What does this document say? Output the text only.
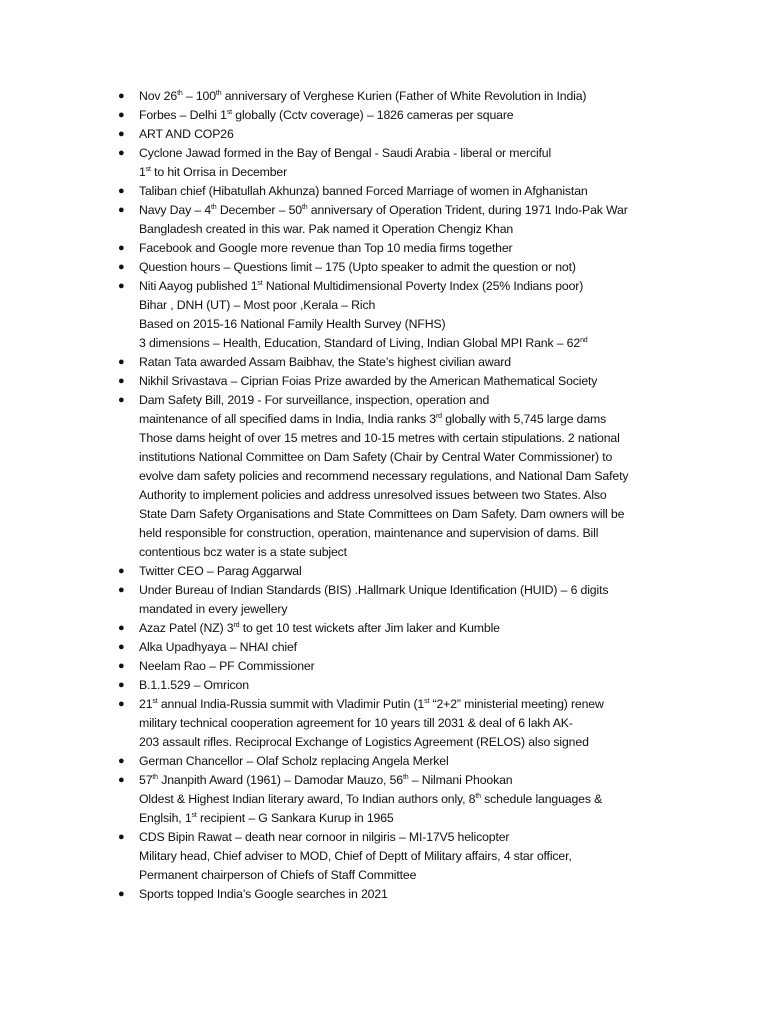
● Nov 26th – 100th anniversary of Verghese Kurien (Father of White Revolution in India)
● Forbes – Delhi 1st globally (Cctv coverage) – 1826 cameras per square
● ART AND COP26
● Cyclone Jawad formed in the Bay of Bengal - Saudi Arabia - liberal or merciful
1st to hit Orrisa in December
● Taliban chief (Hibatullah Akhunza) banned Forced Marriage of women in Afghanistan
● Navy Day – 4th December – 50th anniversary of Operation Trident, during 1971 Indo-Pak War
Bangladesh created in this war. Pak named it Operation Chengiz Khan
● Facebook and Google more revenue than Top 10 media firms together
● Question hours – Questions limit – 175 (Upto speaker to admit the question or not)
● Niti Aayog published 1st National Multidimensional Poverty Index (25% Indians poor)
Bihar , DNH (UT) – Most poor ,Kerala – Rich
Based on 2015-16 National Family Health Survey (NFHS)
3 dimensions – Health, Education, Standard of Living, Indian Global MPI Rank – 62nd
● Ratan Tata awarded Assam Baibhav, the State’s highest civilian award
● Nikhil Srivastava – Ciprian Foias Prize awarded by the American Mathematical Society
● Dam Safety Bill, 2019 - For surveillance, inspection, operation and
maintenance of all specified dams in India, India ranks 3rd globally with 5,745 large dams
Those dams height of over 15 metres and 10-15 metres with certain stipulations. 2 national
institutions National Committee on Dam Safety (Chair by Central Water Commissioner) to
evolve dam safety policies and recommend necessary regulations, and National Dam Safety
Authority to implement policies and address unresolved issues between two States. Also
State Dam Safety Organisations and State Committees on Dam Safety. Dam owners will be
held responsible for construction, operation, maintenance and supervision of dams. Bill
contentious bcz water is a state subject
● Twitter CEO – Parag Aggarwal
● Under Bureau of Indian Standards (BIS) .Hallmark Unique Identification (HUID) – 6 digits
mandated in every jewellery
● Azaz Patel (NZ) 3rd to get 10 test wickets after Jim laker and Kumble
● Alka Upadhyaya – NHAI chief
● Neelam Rao – PF Commissioner
● B.1.1.529 – Omricon
● 21st annual India-Russia summit with Vladimir Putin (1st “2+2” ministerial meeting) renew
military technical cooperation agreement for 10 years till 2031 & deal of 6 lakh AK-
203 assault rifles. Reciprocal Exchange of Logistics Agreement (RELOS) also signed
● German Chancellor – Olaf Scholz replacing Angela Merkel
● 57th Jnanpith Award (1961) – Damodar Mauzo, 56th – Nilmani Phookan
Oldest & Highest Indian literary award, To Indian authors only, 8th schedule languages &
Englsih, 1st recipient – G Sankara Kurup in 1965
● CDS Bipin Rawat – death near cornoor in nilgiris – MI-17V5 helicopter
Military head, Chief adviser to MOD, Chief of Deptt of Military affairs, 4 star officer,
Permanent chairperson of Chiefs of Staff Committee
● Sports topped India’s Google searches in 2021
